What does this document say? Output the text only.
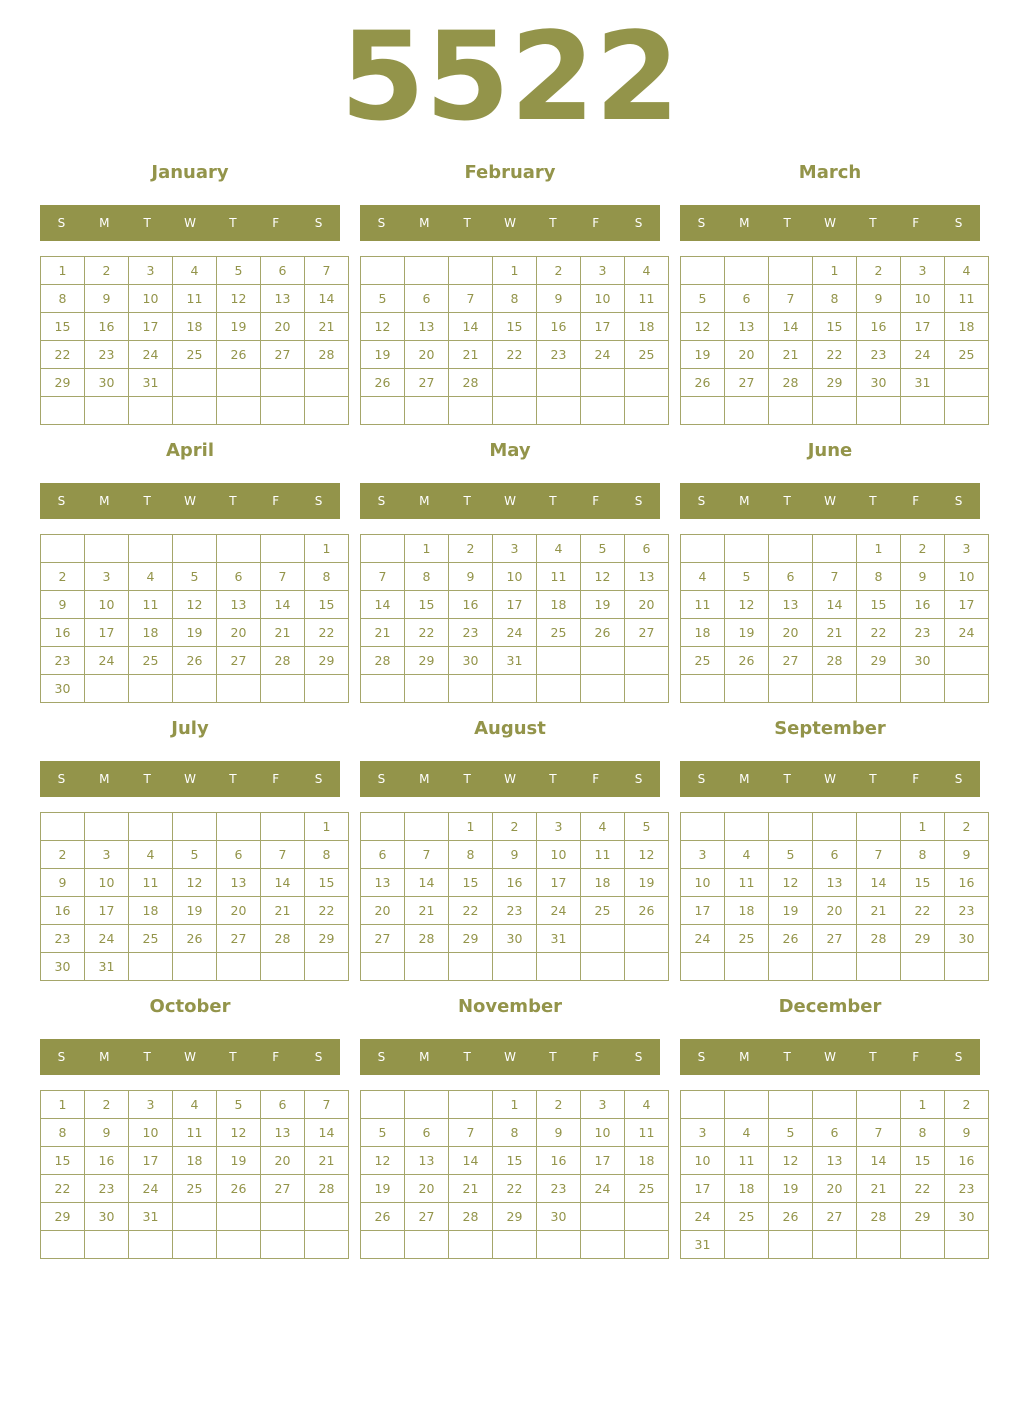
5522
January
S	M	T	W	T	F	S
1	2	3	4	5	6	7
8	9	10	11	12	13	14
15	16	17	18	19	20	21
22	23	24	25	26	27	28
29	30	31				

February
S	M	T	W	T	F	S
			1	2	3	4
5	6	7	8	9	10	11
12	13	14	15	16	17	18
19	20	21	22	23	24	25
26	27	28				

March
S	M	T	W	T	F	S
			1	2	3	4
5	6	7	8	9	10	11
12	13	14	15	16	17	18
19	20	21	22	23	24	25
26	27	28	29	30	31	

April
S	M	T	W	T	F	S
						1
2	3	4	5	6	7	8
9	10	11	12	13	14	15
16	17	18	19	20	21	22
23	24	25	26	27	28	29
30						
May
S	M	T	W	T	F	S
	1	2	3	4	5	6
7	8	9	10	11	12	13
14	15	16	17	18	19	20
21	22	23	24	25	26	27
28	29	30	31			

June
S	M	T	W	T	F	S
				1	2	3
4	5	6	7	8	9	10
11	12	13	14	15	16	17
18	19	20	21	22	23	24
25	26	27	28	29	30	

July
S	M	T	W	T	F	S
						1
2	3	4	5	6	7	8
9	10	11	12	13	14	15
16	17	18	19	20	21	22
23	24	25	26	27	28	29
30	31					
August
S	M	T	W	T	F	S
		1	2	3	4	5
6	7	8	9	10	11	12
13	14	15	16	17	18	19
20	21	22	23	24	25	26
27	28	29	30	31		

September
S	M	T	W	T	F	S
					1	2
3	4	5	6	7	8	9
10	11	12	13	14	15	16
17	18	19	20	21	22	23
24	25	26	27	28	29	30

October
S	M	T	W	T	F	S
1	2	3	4	5	6	7
8	9	10	11	12	13	14
15	16	17	18	19	20	21
22	23	24	25	26	27	28
29	30	31				

November
S	M	T	W	T	F	S
			1	2	3	4
5	6	7	8	9	10	11
12	13	14	15	16	17	18
19	20	21	22	23	24	25
26	27	28	29	30		

December
S	M	T	W	T	F	S
					1	2
3	4	5	6	7	8	9
10	11	12	13	14	15	16
17	18	19	20	21	22	23
24	25	26	27	28	29	30
31						
